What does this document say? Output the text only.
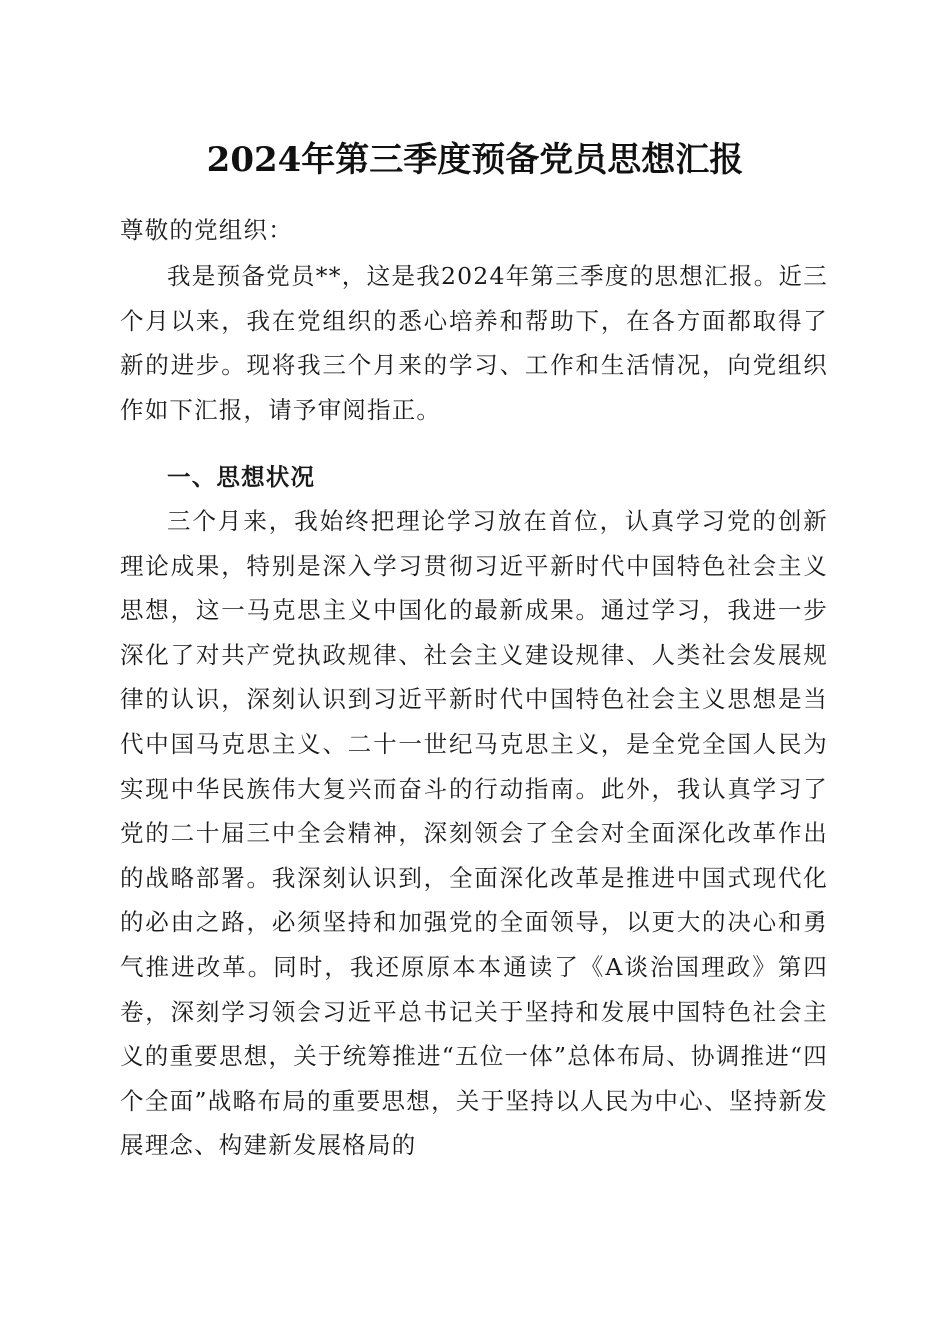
2024年第三季度预备党员思想汇报

尊敬的党组织：

我是预备党员**，这是我2024年第三季度的思想汇报。近三个月以来，我在党组织的悉心培养和帮助下，在各方面都取得了新的进步。现将我三个月来的学习、工作和生活情况，向党组织作如下汇报，请予审阅指正。

一、思想状况

三个月来，我始终把理论学习放在首位，认真学习党的创新理论成果，特别是深入学习贯彻习近平新时代中国特色社会主义思想，这一马克思主义中国化的最新成果。通过学习，我进一步深化了对共产党执政规律、社会主义建设规律、人类社会发展规律的认识，深刻认识到习近平新时代中国特色社会主义思想是当代中国马克思主义、二十一世纪马克思主义，是全党全国人民为实现中华民族伟大复兴而奋斗的行动指南。此外，我认真学习了党的二十届三中全会精神，深刻领会了全会对全面深化改革作出的战略部署。我深刻认识到，全面深化改革是推进中国式现代化的必由之路，必须坚持和加强党的全面领导，以更大的决心和勇气推进改革。同时，我还原原本本通读了《A谈治国理政》第四卷，深刻学习领会习近平总书记关于坚持和发展中国特色社会主义的重要思想，关于统筹推进“五位一体”总体布局、协调推进“四个全面”战略布局的重要思想，关于坚持以人民为中心、坚持新发展理念、构建新发展格局的
